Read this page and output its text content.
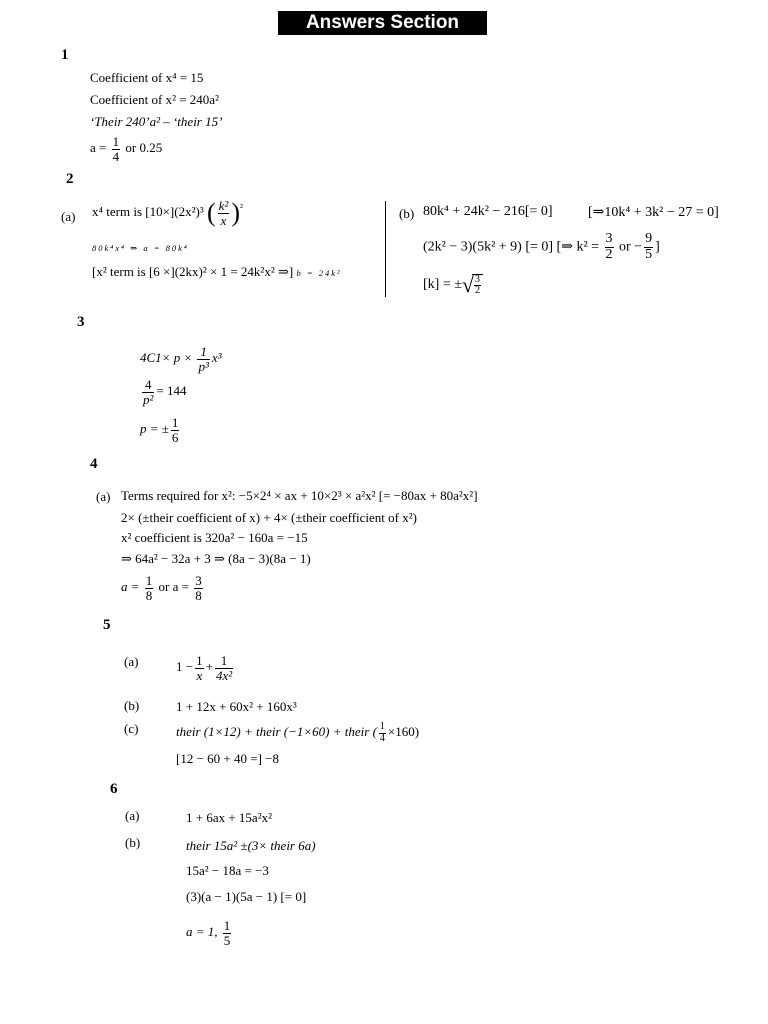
Answers Section
1
Coefficient of x⁴ = 15
Coefficient of x² = 240a²
‘Their 240’a² – ‘their 15’
$a = \frac{1}{4}$ or 0.25
2
(a) x⁴ term is [10×](2x²)³ ( $\frac{\text{k²}}{x} )^{^2}$
80k⁴x⁴ ⇒ a = 80k⁴
[x² term is [6 ×](2kx)² × 1 = 24k²x² ⇒] b = 24k²
(b) 80k⁴ + 24k² − 216[= 0]	[⇒10k⁴ + 3k² − 27 = 0]
(2k² − 3)(5k² + 9) [= 0] [⇒ $k^2 = \frac{3}{2}$ or − $\frac{9}{5}$ ]
[k] = ±√ $\frac{3}{2}$
3
$4C1\times p \times \frac{1}{\text{p³}} x^3$
$\frac{4}{\text{p²}} = 144$
p = ± $\frac{1}{6}$
4
(a) Terms required for x²: −5×2⁴ × ax + 10×2³ × a²x² [= −80ax + 80a²x²]
2× (±their coefficient of x) + 4× (±their coefficient of x²)
x² coefficient is 320a² − 160a = −15
⇒ 64a² − 32a + 3 ⇒ (8a − 3)(8a − 1)
$a = \frac{1}{8}$ or $a = \frac{3}{8}$
5
(a)	$1 - \frac{1}{x} + \frac{1}{\text{4x²}}$
(b)	1 + 12x + 60x² + 160x³
(c)	their (1×12) + their (−1×60) + their ( $\frac{1}{4} \times 160$)
[12 − 60 + 40 =] −8
6
(a)	1 + 6ax + 15a²x²
(b)	their 15a² ±(3× their 6a)
15a² − 18a = −3
(3)(a − 1)(5a − 1) [= 0]
a = 1, $\frac{1}{5}$
